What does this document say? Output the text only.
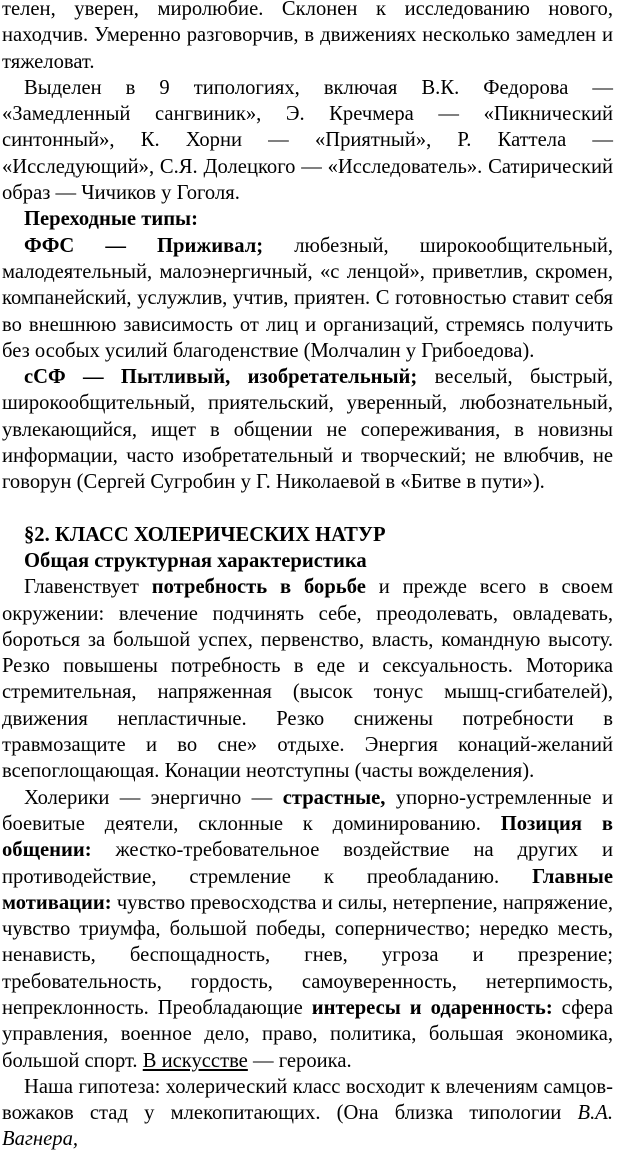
телен, уверен, миролюбие. Склонен к исследованию нового, находчив. Умеренно разговорчив, в движениях несколько замедлен и тяжеловат.

Выделен в 9 типологиях, включая В.К. Федорова — «Замедленный сангвиник», Э. Кречмера — «Пикнический синтонный», К. Хорни — «Приятный», Р. Каттела — «Исследующий», С.Я. Долецкого — «Исследователь». Сатирический образ — Чичиков у Гоголя.

Переходные типы:

ФФС — Приживал; любезный, широкообщительный, малодеятельный, малоэнергичный, «с ленцой», приветлив, скромен, компанейский, услужлив, учтив, приятен. С готовностью ставит себя во внешнюю зависимость от лиц и организаций, стремясь получить без особых усилий благоденствие (Молчалин у Грибоедова).

сСФ — Пытливый, изобретательный; веселый, быстрый, широкообщительный, приятельский, уверенный, любознательный, увлекающийся, ищет в общении не сопереживания, в новизны информации, часто изобретательный и творческий; не влюбчив, не говорун (Сергей Сугробин у Г. Николаевой в «Битве в пути»).

§2. КЛАСС ХОЛЕРИЧЕСКИХ НАТУР

Общая структурная характеристика

Главенствует потребность в борьбе и прежде всего в своем окружении: влечение подчинять себе, преодолевать, овладевать, бороться за большой успех, первенство, власть, командную высоту. Резко повышены потребность в еде и сексуальность. Моторика стремительная, напряженная (высок тонус мышц-сгибателей), движения непластичные. Резко снижены потребности в травмозащите и во сне» отдыхе. Энергия конаций-желаний всепоглощающая. Конации неотступны (часты вожделения).

Холерики — энергично — страстные, упорно-устремленные и боевитые деятели, склонные к доминированию. Позиция в общении: жестко-требовательное воздействие на других и противодействие, стремление к преобладанию. Главные мотивации: чувство превосходства и силы, нетерпение, напряжение, чувство триумфа, большой победы, соперничество; нередко месть, ненависть, беспощадность, гнев, угроза и презрение; требовательность, гордость, самоуверенность, нетерпимость, непреклонность. Преобладающие интересы и одаренность: сфера управления, военное дело, право, политика, большая экономика, большой спорт. В искусстве — героика.

Наша гипотеза: холерический класс восходит к влечениям самцов-вожаков стад у млекопитающих. (Она близка типологии В.А. Вагнера,
